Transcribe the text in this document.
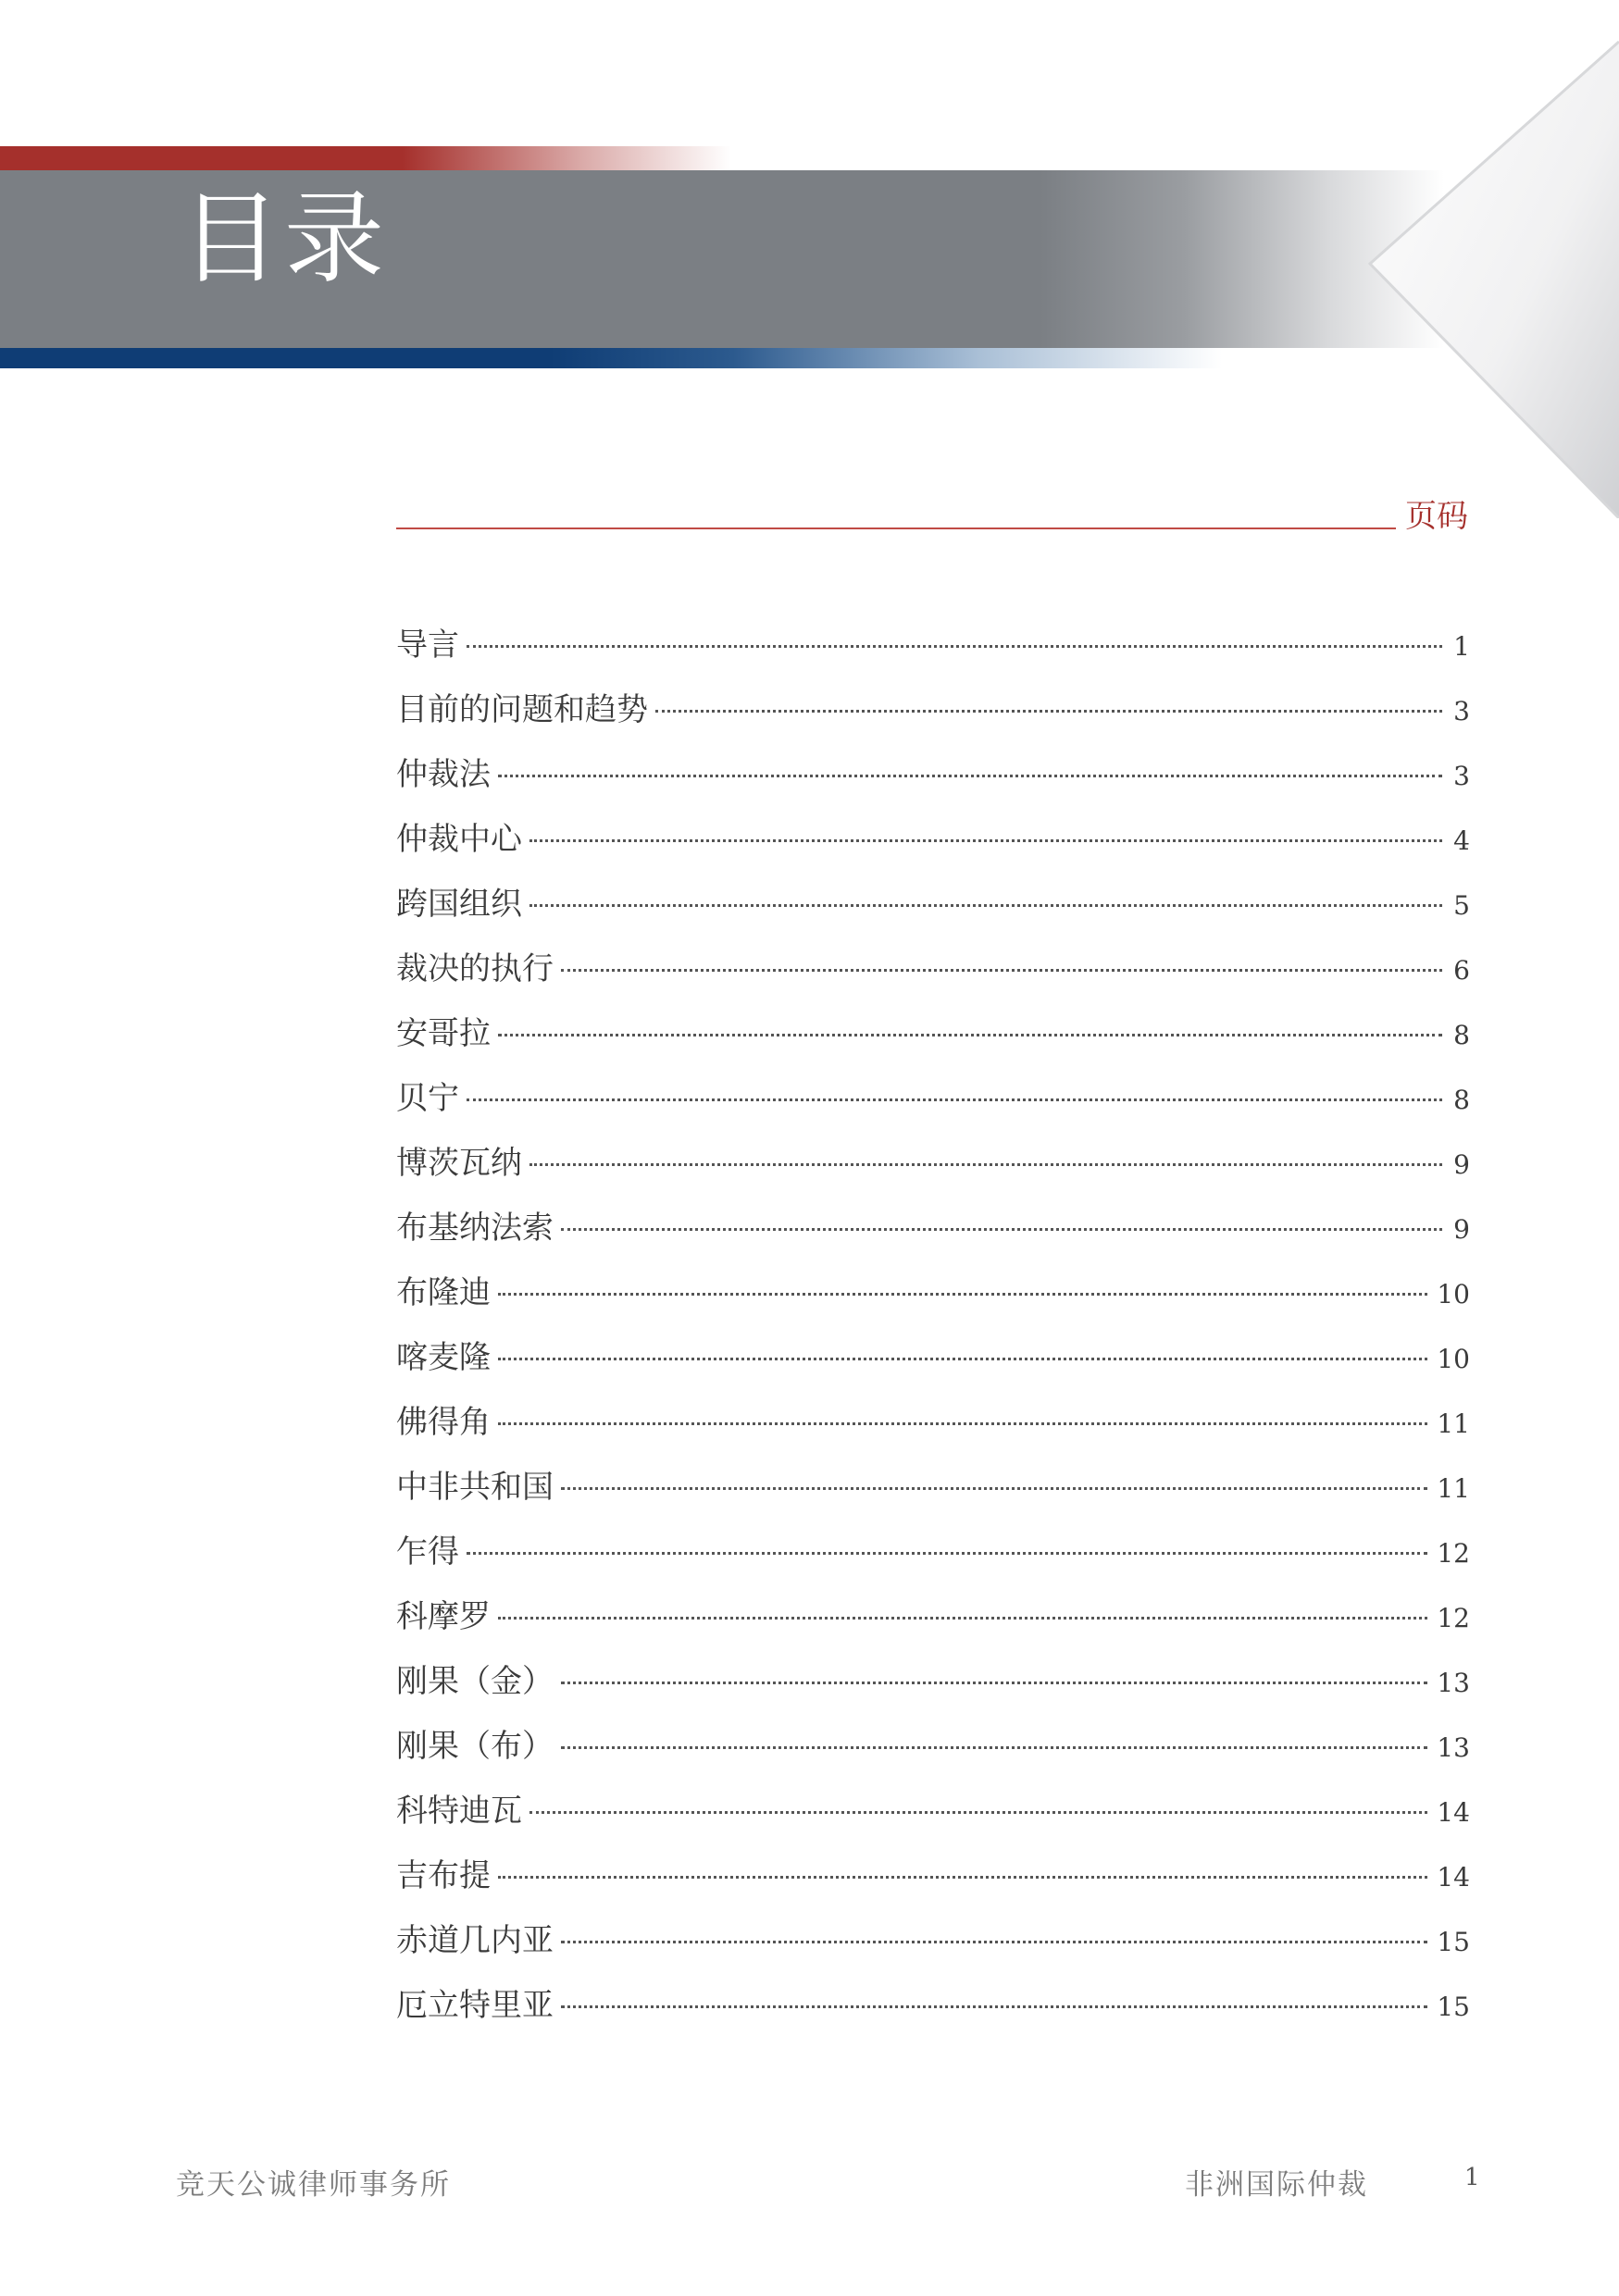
目录
页码
导言	1
目前的问题和趋势	3
仲裁法	3
仲裁中心	4
跨国组织	5
裁决的执行	6
安哥拉	8
贝宁	8
博茨瓦纳	9
布基纳法索	9
布隆迪	10
喀麦隆	10
佛得角	11
中非共和国	11
乍得	12
科摩罗	12
刚果（金）	13
刚果（布）	13
科特迪瓦	14
吉布提	14
赤道几内亚	15
厄立特里亚	15
竞天公诚律师事务所	非洲国际仲裁	1
